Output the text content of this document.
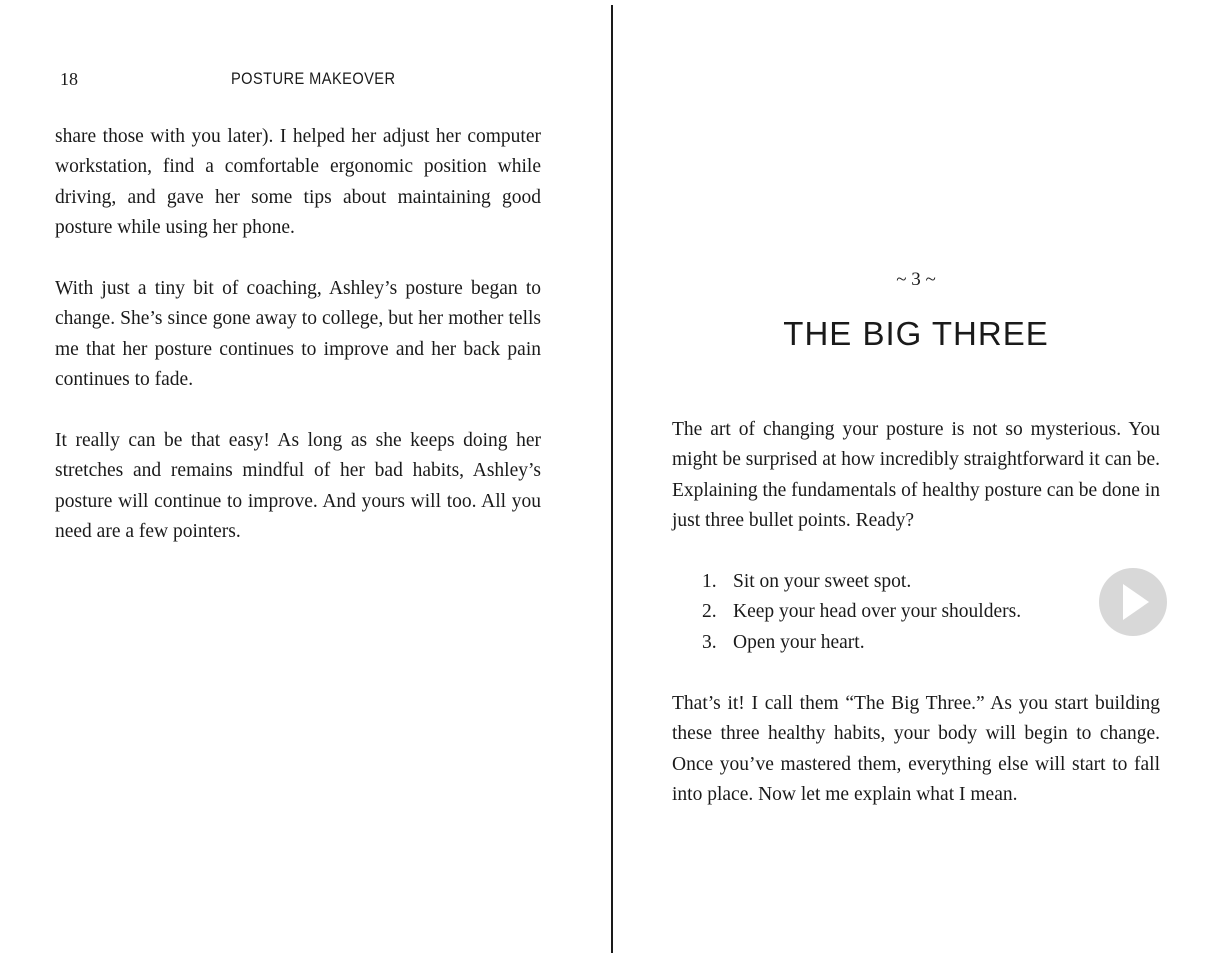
18	POSTURE MAKEOVER

share those with you later). I helped her adjust her computer workstation, find a comfortable ergonomic position while driving, and gave her some tips about maintaining good posture while using her phone.

With just a tiny bit of coaching, Ashley’s posture began to change. She’s since gone away to college, but her mother tells me that her posture continues to improve and her back pain continues to fade.

It really can be that easy! As long as she keeps doing her stretches and remains mindful of her bad habits, Ashley’s posture will continue to improve. And yours will too. All you need are a few pointers.

~ 3 ~
THE BIG THREE

The art of changing your posture is not so mysterious. You might be surprised at how incredibly straightforward it can be. Explaining the fundamentals of healthy posture can be done in just three bullet points. Ready?

1. Sit on your sweet spot.
2. Keep your head over your shoulders.
3. Open your heart.

That’s it! I call them “The Big Three.” As you start building these three healthy habits, your body will begin to change. Once you’ve mastered them, everything else will start to fall into place. Now let me explain what I mean.
